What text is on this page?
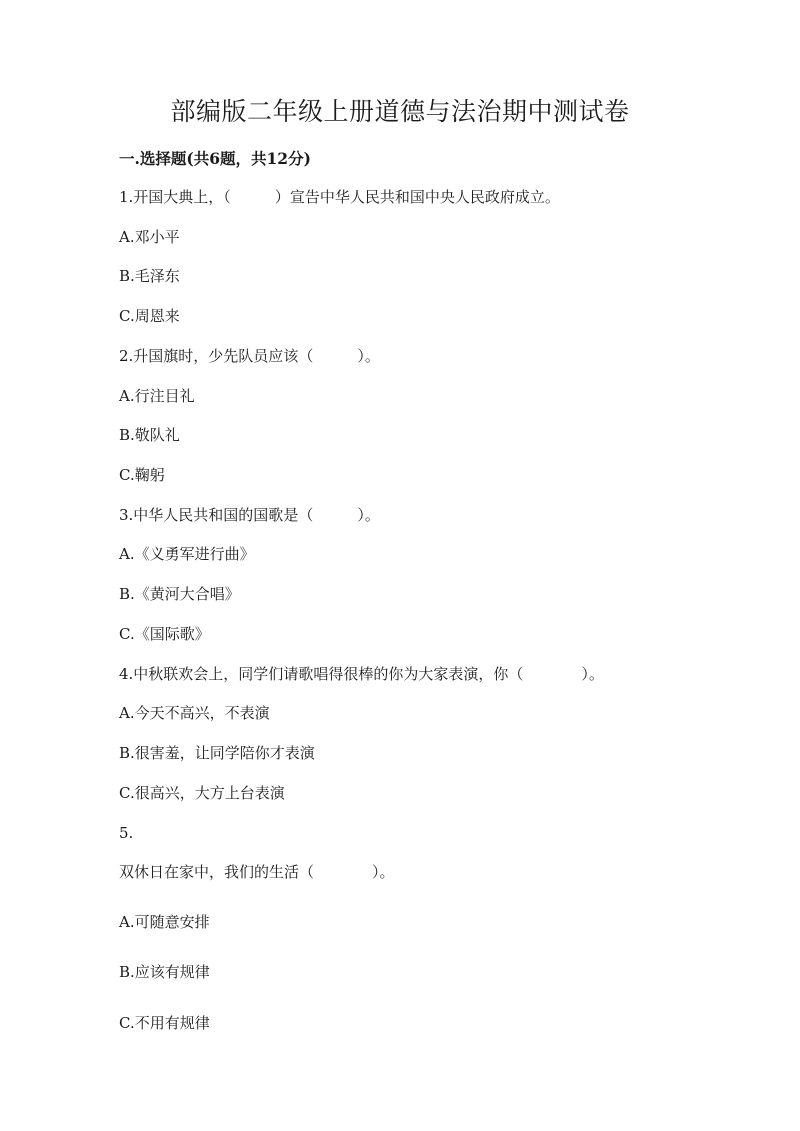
部编版二年级上册道德与法治期中测试卷
一.选择题(共6题，共12分)

1.开国大典上，（	）宣告中华人民共和国中央人民政府成立。

A.邓小平

B.毛泽东

C.周恩来

2.升国旗时，少先队员应该（	）。

A.行注目礼

B.敬队礼

C.鞠躬

3.中华人民共和国的国歌是（	）。

A.《义勇军进行曲》

B.《黄河大合唱》

C.《国际歌》

4.中秋联欢会上，同学们请歌唱得很棒的你为大家表演，你（	）。

A.今天不高兴，不表演

B.很害羞，让同学陪你才表演

C.很高兴，大方上台表演

5.

双休日在家中，我们的生活（	）。

A.可随意安排

B.应该有规律

C.不用有规律
